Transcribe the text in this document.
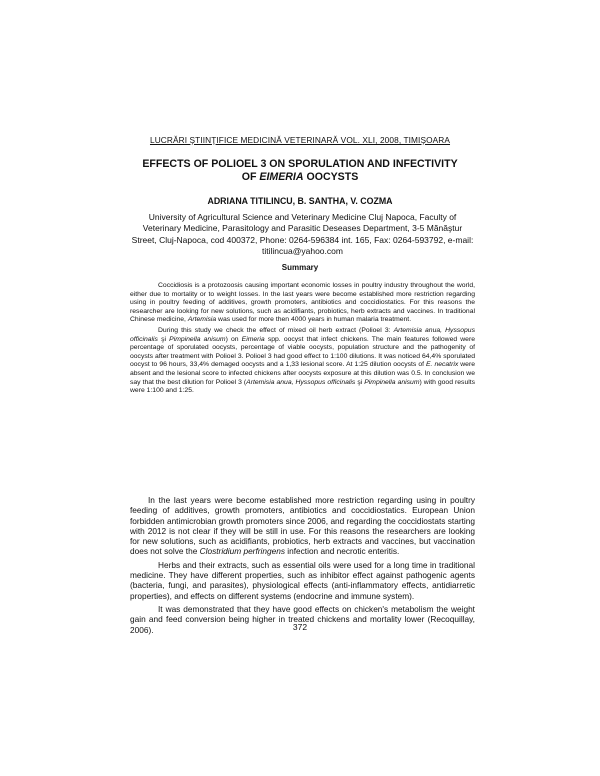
LUCRĂRI ŞTIINŢIFICE MEDICINĂ VETERINARĂ VOL. XLI, 2008, TIMIŞOARA
EFFECTS OF POLIOEL 3 ON SPORULATION AND INFECTIVITY
OF EIMERIA OOCYSTS
ADRIANA TITILINCU, B. SANTHA, V. COZMA
University of Agricultural Science and Veterinary Medicine Cluj Napoca, Faculty of Veterinary Medicine, Parasitology and Parasitic Deseases Department, 3-5 Mănăştur Street, Cluj-Napoca, cod 400372, Phone: 0264-596384 int. 165, Fax: 0264-593792, e-mail: titilincua@yahoo.com
Summary

Coccidiosis is a protozoosis causing important economic losses in poultry industry throughout the world, either due to mortality or to weight losses. In the last years were become established more restriction regarding using in poultry feeding of additives, growth promoters, antibiotics and coccidiostatics. For this reasons the researcher are looking for new solutions, such as acidifiants, probiotics, herb extracts and vaccines. In traditional Chinese medicine, Artemisia was used for more then 4000 years in human malaria treatment.

During this study we check the effect of mixed oil herb extract (Polioel 3: Artemisia anua, Hyssopus officinalis şi Pimpinella anisum) on Eimeria spp. oocyst that infect chickens. The main features followed were percentage of sporulated oocysts, percentage of viable oocysts, population structure and the pathogenity of oocysts after treatment with Polioel 3. Polioel 3 had good effect to 1:100 dilutions. It was noticed 64,4% sporulated oocyst to 96 hours, 33,4% demaged oocysts and a 1,33 lesional score. At 1:25 dilution oocysts of E. necatrix were absent and the lesional score to infected chickens after oocysts exposure at this dilution was 0.5. In conclusion we say that the best dilution for Polioel 3 (Artemisia anua, Hyssopus officinalis şi Pimpinella anisum) with good results were 1:100 and 1:25.

In the last years were become established more restriction regarding using in poultry feeding of additives, growth promoters, antibiotics and coccidiostatics. European Union forbidden antimicrobian growth promoters since 2006, and regarding the coccidiostats starting with 2012 is not clear if they will be still in use. For this reasons the researchers are looking for new solutions, such as acidifiants, probiotics, herb extracts and vaccines, but vaccination does not solve the Clostridium perfringens infection and necrotic enteritis.

Herbs and their extracts, such as essential oils were used for a long time in traditional medicine. They have different properties, such as inhibitor effect against pathogenic agents (bacteria, fungi, and parasites), physiological effects (anti-inflammatory effects, antidiarretic properties), and effects on different systems (endocrine and immune system).

It was demonstrated that they have good effects on chicken's metabolism the weight gain and feed conversion being higher in treated chickens and mortality lower (Recoquillay, 2006).	372
